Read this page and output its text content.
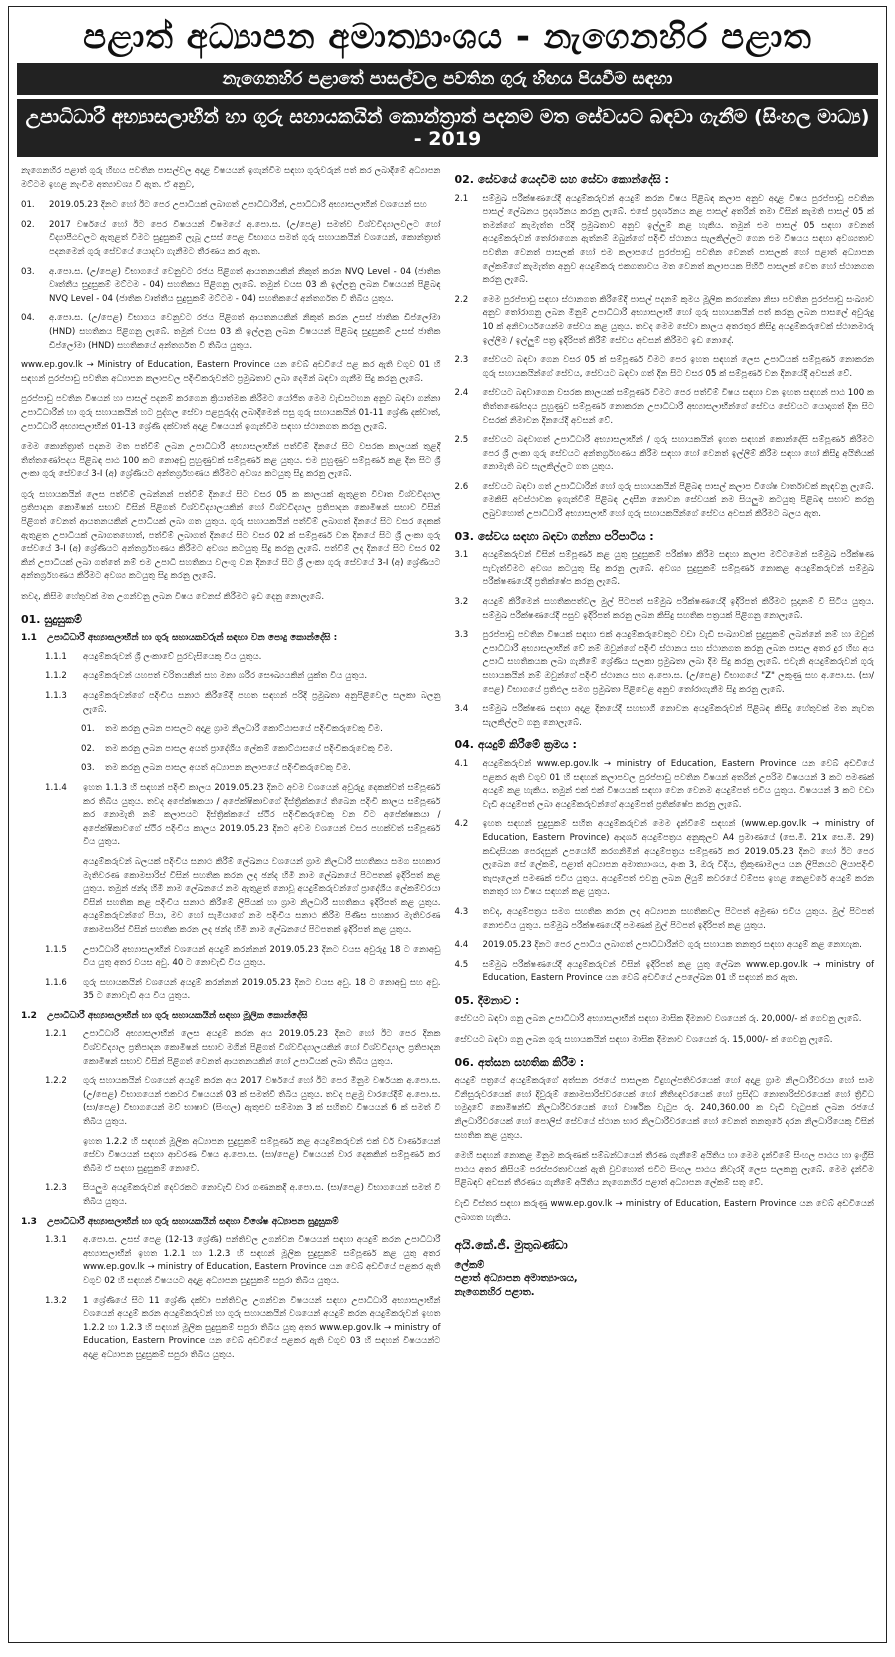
පළාත් අධ්‍යාපන අමාත්‍යාංශය - නැගෙනහිර පළාත
නැගෙනහිර පළාතේ පාසල්වල පවතින ගුරු හිඟය පියවීම සඳහා
උපාධිධාරී අභ්‍යාසලාභීන් හා ගුරු සහායකයින් කොන්ත්‍රාත් පදනම මත සේවයට බඳවා ගැනීම (සිංහල මාධ්‍ය) - 2019

නැගෙනහිර පළාත් ගුරු හිඟය පවතින පාසල්වල අදාළ විෂයයන් ඉගැන්වීම සඳහා ගුරුවරුන් පත් කර ලබාදීමේ අධ්‍යාපන මට්ටම ඉහළ නැංවීම අත්‍යාවශ්‍ය වී ඇත. ඒ අනුව,

01.	2019.05.23 දිනට හෝ ඊට පෙර උපාධියක් ලබාගත් උපාධිධාරීන්, උපාධිධාරී අභ්‍යාසලාභීන් වශයෙන් සහ
02.	2017 වර්ෂයේ හෝ ඊට පෙර විෂයයන් විෂමයේ අ.පො.ස. (උ/පෙළ) සමත්ව විශ්වවිද්‍යාලවලට හෝ විද්‍යාපීඨවලට ඇතුළත් වීමට සුදුසුකම් ලැබූ උසස් පෙළ විභාගය සමත් ගුරු සහායකයින් වශයෙන්, කොන්ත්‍රාත් පදනමෙන් ගුරු සේවයේ යොදවා ගැනීමට තීරණය කර ඇත.
03.	අ.පො.ස. (උ/පෙළ) විභාගයේ වෙනුවට රජය පිළිගත් ආයතනයකින් නිකුත් කරන NVQ Level - 04 (ජාතික වෘත්තීය සුදුසුකම් මට්ටම - 04) සහතිකය පිළිගනු ලැබේ. තමුන් වයස 03 කි ඉල්ලනු ලබන විෂයයන් පිළිබඳ NVQ Level - 04 (ජාතික වෘත්තීය සුදුසුකම් මට්ටම - 04) සහතිකයේ අන්තර්ගත වී තිබිය යුතුය.
04.	අ.පො.ස. (උ/පෙළ) විභාගය වෙනුවට රජය පිළිගත් ආයතනයකින් නිකුත් කරන උසස් ජාතික ඩිප්ලෝමා (HND) සහතිකය පිළිගනු ලැබේ. තමුන් වයස 03 කි ඉල්ලනු ලබන විෂයයන් පිළිබඳ සුදුසුකම් උසස් ජාතික ඩිප්ලෝමා (HND) සහතිකයේ අන්තර්ගත වී තිබිය යුතුය.

www.ep.gov.lk → Ministry of Education, Eastern Province යන වෙබ් අඩවියේ පළ කර ඇති වගුව 01 හි සඳහන් පුරප්පාඩු පවතින අධ්‍යාපන කලාපවල පදිංචිකරුවන්ට ප්‍රමුඛතාව ලබා දෙමින් බඳවා ගැනීම සිදු කරනු ලැබේ.

පුරප්පාඩු පවතින විෂයන් හා පාසල් පදනම් කරගෙන ක්‍රියාත්මක කිරීමට යෝජිත මෙම වැඩසටහන අනුව බඳවා ගන්නා උපාධිධාරීන් හා ගුරු සහායකයින් හට පුද්ගල සේවා පළපුරුද්ද ලබාදීමෙන් පසු ගුරු සහායකයින් 01-11 ශ්‍රේණි දක්වාත්, උපාධිධාරී අභ්‍යාසලාභීන් 01-13 ශ්‍රේණි දක්වාත් අදාළ විෂයයන් ඉගැන්වීම සඳහා ස්ථානගත කරනු ලැබේ.

මෙම කොන්ත්‍රාත් පදනම මත පත්වීම් ලබන උපාධිධාරී අභ්‍යාසලාභීන් පත්වීම් දිනයේ සිට වසරක කාලයක් තුළදී තිත්තණෝපදය පිළිබඳ පාඨ 100 කට නොඅඩු පුහුණුවක් සම්පූර්ණ කළ යුතුය. එම පුහුණුව සම්පූර්ණ කළ දින සිට ශ්‍රී ලංකා ගුරු සේවයේ 3-I (අ) ශ්‍රේණියට අන්තර්ග්‍රහණය කිරීමට අවශ්‍ය කටයුතු සිදු කරනු ලැබේ.

ගුරු සහායකයින් ලෙස පත්වීම් ලබන්නන් පත්වීම් දිනයේ සිට වසර 05 ක කාලයක් ඇතුළත විවෘත විශ්වවිද්‍යාල ප්‍රතිපාදන කොමිෂන් සභාව විසින් පිළිගත් විශ්වවිද්‍යාලයකින් හෝ විශ්වවිද්‍යාල ප්‍රතිපාදන කොමිෂන් සභාව විසින් පිළිගත් වෙනත් ආයතනයකින් උපාධියක් ලබා ගත යුතුය. ගුරු සහායකයින් පත්වීම් ලබාගත් දිනයේ සිට වසර දෙකක් ඇතුළත උපාධියක් ලබාගතහොත්, පත්වීම් ලබාගත් දිනයේ සිට වසර 02 ක් සම්පූර්ණ වන දිනයේ සිට ශ්‍රී ලංකා ගුරු සේවයේ 3-I (අ) ශ්‍රේණියට අන්තර්ග්‍රහණය කිරීමට අවශ්‍ය කටයුතු සිදු කරනු ලැබේ. පත්වීම් ලද දිනයේ සිට වසර 02 කින් උපාධියක් ලබා ගත්තේ නම් එම උපාධි සහතිකය වලංගු වන දිනයේ සිට ශ්‍රී ලංකා ගුරු සේවයේ 3-I (අ) ශ්‍රේණියට අන්තර්ග්‍රහණය කිරීමට අවශ්‍ය කටයුතු සිදු කරනු ලැබේ.

තවද, කිසිම හේතුවක් මත උගන්වනු ලබන විෂය වෙනස් කිරීමට ඉඩ දෙනු නොලැබේ.

01. සුදුසුකම්
1.1	උපාධිධාරී අභ්‍යාසලාභීන් හා ගුරු සහායකවරුන් සඳහා වන පොදු කොන්දේසි :
1.1.1	අයදුම්කරුවන් ශ්‍රී ලංකාවේ පුරවැසියෙකු විය යුතුය.
1.1.2	අයදුම්කරුවන් යහපත් චරිතයකින් සහ මනා ශරීර සෞඛ්‍යයකින් යුක්ත විය යුතුය.
1.1.3	අයදුම්කරුවන්ගේ පදිංචිය සනාථ කිරීමේදී පහත සඳහන් පරිදි ප්‍රමුඛතා අනුපිළිවෙල සලකා බලනු ලැබේ.
01.	තම කරනු ලබන පාසලට අදාළ ග්‍රාම නිලධාරී කොට්ඨාසයේ පදිංචිකරුවෙකු වීම.
02.	තම කරනු ලබන පාසල අයත් ප්‍රාදේශීය ලේකම් කොට්ඨාසයේ පදිංචිකරුවෙකු වීම.
03.	තම කරනු ලබන පාසල අයත් අධ්‍යාපන කලාපයේ පදිංචිකරුවෙකු වීම.
1.1.4	ඉහත 1.1.3 හි සඳහන් පදිංචි කාලය 2019.05.23 දිනට අවම වශයෙන් අවුරුදු දෙකක්වත් සම්පූර්ණ කර තිබිය යුතුය. තවද අපේක්ෂකයා / අපේක්ෂිකාවගේ දිස්ත්‍රික්කයේ තිබෙන පදිංචි කාලය සම්පූර්ණ කර නොමැති නම් කලාපයට දිස්ත්‍රික්කයේ ස්ථිර පදිංචිකරුවෙකු වන විට අපේක්ෂකයා / අපේක්ෂිකාවගේ ස්ථිර පදිංචිය කාලය 2019.05.23 දිනට අවම වශයෙන් වසර පහක්වත් සම්පූර්ණ විය යුතුය.
අයදුම්කරුවන් බලයක් පදිංචිය සනාථ කිරීම් ලේඛනය වශයෙන් ග්‍රාම නිලධාරී සහතිකය සමග සහකාර මැතිවරණ කොමසාරිස් විසින් සහතික කරන ලද ඡන්ද හිමි නාම ලේඛනයේ පිටපතක් ඉදිරිපත් කළ යුතුය. තමුන් ඡන්ද හිමි නාම ලේඛනයේ නම ඇතුළත් නොවූ අයදුම්කරුවන්ගේ ප්‍රාදේශීය ලේකම්වරයා විසින් සහතික කළ පදිංචිය සනාථ කිරීමේ ලිපියක් හා ග්‍රාම නිලධාරී සහතිකය ඉදිරිපත් කළ යුතුය. අයදුම්කරුවන්ගේ පියා, මව හෝ සැමියාගේ නම පදිංචිය සනාථ කිරීම පිණිස සහකාර මැතිවරණ කොමසාරිස් විසින් සහතික කරන ලද ඡන්ද හිමි නාම ලේඛනයේ පිටපතක් ඉදිරිපත් කළ යුතුය.
1.1.5	උපාධිධාරී අභ්‍යාසලාභීන් වශයෙන් අයදුම් කරන්නන් 2019.05.23 දිනට වයස අවුරුදු 18 ට නොඅඩු විය යුතු අතර වයස අවු. 40 ට නොවැඩි විය යුතුය.
1.1.6	ගුරු සහායකයින් වශයෙන් අයදුම් කරන්නන් 2019.05.23 දිනට වයස අවු. 18 ට නොඅඩු සහ අවු. 35 ට නොවැඩි අය විය යුතුය.
1.2	උපාධිධාරී අභ්‍යාසලාභීන් හා ගුරු සහායකයින් සඳහා මූලික කොන්දේසි
1.2.1	උපාධිධාරී අභ්‍යාසලාභීන් ලෙස අයදුම් කරන අය 2019.05.23 දිනට හෝ ඊට පෙර දිනක විශ්වවිද්‍යාල ප්‍රතිපාදන කොමිෂන් සභාව මගින් පිළිගත් විශ්වවිද්‍යාලයකින් හෝ විශ්වවිද්‍යාල ප්‍රතිපාදන කොමිෂන් සභාව විසින් පිළිගත් වෙනත් ආයතනයකින් හෝ උපාධියක් ලබා තිබිය යුතුය.
1.2.2	ගුරු සහායකයින් වශයෙන් අයදුම් කරන අය 2017 වර්ෂයේ හෝ ඊට පෙර මිනුම වර්ෂයක අ.පො.ස. (උ/පෙළ) විභාගයෙන් එකවර විෂයයන් 03 ක් සමත්වී තිබිය යුතුය. තවද පළමු වාරයේදීම් අ.පො.ස. (සා/පෙළ) විභාගයෙන් මව් භාෂාව (සිංහල) ඇතුළුව සම්මාන 3 ක් සහිතව විෂයයන් 6 ක් සමත් වී තිබිය යුතුය.
ඉහත 1.2.2 හි සඳහන් මූලික අධ්‍යාපන සුදුසුකම් සම්පූර්ණ කළ අයදුම්කරුවන් එක් වර් වාර්ණයෙන් සේවා විෂයයන් සඳහා ආවරණ විෂය අ.පො.ස. (සා/පෙළ) විෂයයන් වාර දෙකකින් සම්පූර්ණ කර තිබීම ඒ සඳහා සුදුසුකම් නොවේ.
1.2.3	සියලුම අයදුම්කරුවන් දෙවරකට නොවැඩි වාර ගණනකදී අ.පො.ස. (සා/පෙළ) විභාගයෙන් සමත් වී තිබිය යුතුය.
1.3	උපාධිධාරී අභ්‍යාසලාභීන් හා ගුරු සහායකයින් සඳහා විශේෂ අධ්‍යාපන සුදුසුකම්
1.3.1	අ.පො.ස. උසස් පෙළ (12-13 ශ්‍රේණි) පන්තිවල උගන්වන විෂයයන් සඳහා අයදුම් කරන උපාධිධාරී අභ්‍යාසලාභීන් ඉහත 1.2.1 හා 1.2.3 හි සඳහන් මූලික සුදුසුකම් සම්පූර්ණ කළ යුතු අතර www.ep.gov.lk → ministry of Education, Eastern Province යන වෙබ් අඩවියේ පළකර ඇති වගුව 02 හි සඳහන් විෂයයට අදාළ අධ්‍යාපන සුදුසුකම් සපුරා තිබිය යුතුය.
1.3.2	1 ශ්‍රේණියේ සිට 11 ශ්‍රේණි දක්වා පන්තිවල උගන්වන විෂයයන් සඳහා උපාධිධාරී අභ්‍යාසලාභීන් වශයෙන් අයදුම් කරන අයදුම්කරුවන් හා ගුරු සහායකයින් වශයෙන් අයදුම් කරන අයදුම්කරුවන් ඉහත 1.2.2 හා 1.2.3 හි සඳහන් මූලික සුදුසුකම් සපුරා තිබිය යුතු අතර www.ep.gov.lk → ministry of Education, Eastern Province යන වෙබ් අඩවියේ පළකර ඇති වගුව 03 හි සඳහන් විෂයයන්ට අදාළ අධ්‍යාපන සුදුසුකම් සපුරා තිබිය යුතුය.
02. සේවයේ යෙදවීම සහ සේවා කොන්දේසි :
2.1	සම්මුඛ පරීක්ෂණයේදී අයදුම්කරුවන් අයදුම් කරන විෂය පිළිබඳ කලාප අනුව අදාළ විෂය පුරප්පාඩු පවතින පාසල් ලේඛනය ප්‍රදර්ශනය කරනු ලැබේ. එසේ ප්‍රදර්ශනය කළ පාසල් අතරින් තමා විසින් කැමති පාසල් 05 ක් තමන්ගේ කැමැත්ත පරිදි ප්‍රමුඛතාව අනුව ඉල්ලුම් කළ හැකිය. තමුන් එම පාසල් 05 සඳහා වෙනත් අයදුම්කරුවන් තෝරාගෙන ඇත්නම් ඔබුන්ගේ පදිංචි ස්ථානය සැලකිල්ලට ගෙන එම විෂයය සඳහා අවශ්‍යතාව පවතින වෙනත් පාසලක් හෝ එම කලාපයේ පුරප්පාඩු පවතින වෙනත් පාසලක් හෝ පළාත් අධ්‍යාපන ලේකම්ගේ කැමැත්ත අනුව අයදුම්කරු එකගතාවය මත වෙනත් කලාපයක පිහිටි පාසලක් වෙත හෝ ස්ථානගත කරනු ලැබේ.
2.2	මෙම පුරප්පාඩු සඳහා ස්ථානගත කිරීමේදී පාසල් පදනම් කුමය මූලික කරගන්නා නිසා පවතින පුරප්පාඩු සංඛ්‍යාව අනුව තෝරාගනු ලබන මිනුම් උපාධිධාරී අභ්‍යාසලාභී හෝ ගුරු සහායකයින් පත් කරනු ලබන පාසලේ අවුරුදු 10 ක් අනිවාර්යයෙන්ම සේවය කළ යුතුය. තවද මෙම සේවා කාලය අතරතුර කිසිදු අයදුම්කරුවෙක් ස්ථානමාරු ඉල්ලීම / ඉල්ලුම් පත්‍ර ඉදිරිපත් කිරීම් සේවය අවසන් කිරීමට ඉඩ නොදේ.
2.3	සේවයට බඳවා ගෙන වසර 05 ක් සම්පූර්ණ වීමට පෙර ඉහත සඳහන් ලෙස උපාධියක් සම්පූර්ණ නොකරන ගුරු සහායකයින්ගේ සේවය, සේවයට බඳවා ගත් දින සිට වසර 05 ක් සම්පූර්ණ වන දිනයේදී අවසන් වේ.
2.4	සේවයට බඳවාගෙන වසරක කාලයක් සම්පූර්ණ වීමට පෙර පත්වීම් විෂය සඳහා වන ඉහත සඳහන් පාඨ 100 ක තිත්තණෝපදය පුහුණුව සම්පූර්ණ නොකරන උපාධිධාරී අභ්‍යාසලාභීන්ගේ සේවය සේවයට යොදාගත් දින සිට වසරක් නිමාවන දිනයේදී අවසන් වේ.
2.5	සේවයට බඳවාගත් උපාධිධාරී අභ්‍යාසලාභීන් / ගුරු සහායකයින් ඉහත සඳහන් කොන්දේසි සම්පූර්ණ කිරීමට පෙර ශ්‍රී ලංකා ගුරු සේවයට අන්තර්ග්‍රහණය කිරීම සඳහා හෝ වෙනත් ඉල්ලීම් කිරීම සඳහා හෝ කිසිදු අයිතියක් නොමැති බව සැලකිල්ලට ගත යුතුය.
2.6	සේවයට බඳවා ගත් උපාධිධාරීන් හෝ ගුරු සහායකයින් පිළිබඳ පාසල් කලාප විශේෂ වාර්තාවක් කැඳවනු ලැබේ. මෙකිසි අවස්ථාවක ඉගැන්වීම් පිළිබඳ උදාසීන නොවන සේවයක් නම සියලුම කටයුතු පිළිබඳ සභාව කරනු ලබුවහොත් උපාධිධාරී අභ්‍යාසලාභී හෝ ගුරු සහායකයින්ගේ සේවය අවසන් කිරීමට බලය ඇත.
03. සේවය සඳහා බඳවා ගන්නා පරිපාටිය :
3.1	අයදුම්කරුවන් විසින් සම්පූර්ණ කළ යුතු සුදුසුකම් පරීක්ෂා කිරීම සඳහා කලාප මට්ටමෙන් සම්මුඛ පරීක්ෂණ පැවැත්වීමට අවශ්‍ය කටයුතු සිදු කරනු ලැබේ. අවශ්‍ය සුදුසුකම් සම්පූර්ණ නොකළ අයදුම්කරුවන් සම්මුඛ පරීක්ෂණයේදී ප්‍රතික්ෂේප කරනු ලැබේ.
3.2	අයදුම් කිරීමෙන් සහතිකපත්වල මුල් පිටපත් සම්මුඛ පරීක්ෂණයේදී ඉදිරිපත් කිරීමට සූදානම් වී සිටිය යුතුය. සම්මුඛ පරීක්ෂණයේදී පසුව ඉදිරිපත් කරනු ලබන කිසිදු සහතික පත්‍රයක් පිළිගනු නොලැබේ.
3.3	පුරප්පාඩු පවතින විෂයක් සඳහා එක් අයදුම්කරුවෙකුට වඩා වැඩි සංඛ්‍යාවක් සුදුසුකම් ලබන්නේ නම් හා ඔවුන් උපාධිධාරී අභ්‍යාසලාභීන් වේ නම් ඔවුන්ගේ පදිංචි ස්ථානය සහ ස්ථානගත කරනු ලබන පාසල අතර දුර හිඟ අය උපාධි සහතිකයක ලබා ගැනීමේ ශ්‍රේණිය සලකා ප්‍රමුඛතා ලබා දීම සිදු කරනු ලැබේ. එවැනි අයදුම්කරුවන් ගුරු සහායකයින් නම් ඔවුන්ගේ පදිංචි ස්ථානය සහ අ.පො.ස. (උ/පෙළ) විභාගයේ "Z" ලකුණු සහ අ.පො.ස. (සා/පෙළ) විභාගයේ ප්‍රතිඵල සමග ප්‍රමුඛතා පිළිවෙළ අනුව තෝරාගැනීම සිදු කරනු ලැබේ.
3.4	සම්මුඛ පරීක්ෂණ සඳහා අදාළ දිනයේදී සහභාගී නොවන අයදුම්කරුවන් පිළිබඳ කිසිදු හේතුවක් මත නැවත සැලකිල්ලට ගනු නොලැබේ.
04. අයදුම් කිරීමේ ක්‍රමය :
4.1	අයදුම්කරුවන් www.ep.gov.lk → ministry of Education, Eastern Province යන වෙබ් අඩවියේ පළකර ඇති වගුව 01 හි සඳහන් කලාපවල පුරප්පාඩු පවතින විෂයන් අතරින් උපරිම විෂයයන් 3 කට පමණක් අයදුම් කළ හැකිය. තමුන් එක් එක් විෂයයක් සඳහා වෙන වෙනම අයදුම්පත් එවිය යුතුය. විෂයයන් 3 කට වඩා වැඩි අයදුම්පත් ලබා අයදුම්කරුවන්ගේ අයදුම්පත් ප්‍රතික්ෂේප කරනු ලැබේ.
4.2	ඉහත සඳහන් සුදුසුකම් සහිත අයදුම්කරුවන් මෙම දැන්වීමේ සඳහන් (www.ep.gov.lk → ministry of Education, Eastern Province) ආදර්ශ අයදුම්පත්‍රය අනුකූලව A4 ප්‍රමාණයේ (සෙ.මී. 21x සෙ.මී. 29) කඩදාසියක පෙරදසුන් උපයෝගී කරගනිමින් අයදුම්පත්‍රය සම්පූර්ණ කර 2019.05.23 දිනට හෝ ඊට පෙර ලැබෙන සේ ලේකම්, පළාත් අධ්‍යාපන අමාත්‍යාංශය, අංක 3, ඔරු වීදිය, ත්‍රිකුණාමලය යන ලිපිනයට ලියාපදිංචි තැපෑලෙන් පමණක් එවිය යුතුය. අයදුම්පත් එවනු ලබන ලියුම් කවරයේ වම්පස ඉහළ කෙළවරේ අයදුම් කරන තනතුර හා විෂය සඳහන් කළ යුතුය.
4.3	තවද, අයදුම්පත්‍රය සමග සහතික කරන ලද අධ්‍යාපන සහතිකවල පිටපත් අමුණා එවිය යුතුය. මුල් පිටපත් නොඑවිය යුතුය. සම්මුඛ පරීක්ෂණයේදී පමණක් මුල් පිටපත් ඉදිරිපත් කළ යුතුය.
4.4	2019.05.23 දිනට පෙර උපාධිය ලබාගත් උපාධිධාරීන්ට ගුරු සහායක තනතුර සඳහා අයදුම් කළ නොහැක.
4.5	සම්මුඛ පරීක්ෂණයේදී අයදුම්කරුවන් විසින් ඉදිරිපත් කළ යුතු ලේඛන www.ep.gov.lk → ministry of Education, Eastern Province යන වෙබ් අඩවියේ උපලේඛන 01 හි සඳහන් කර ඇත.
05. දීමනාව :

සේවයට බඳවා ගනු ලබන උපාධිධාරී අභ්‍යාසලාභීන් සඳහා මාසික දීමනාව වශයෙන් රු. 20,000/- ක් ගෙවනු ලැබේ.

සේවයට බඳවා ගනු ලබන ගුරු සහායකයින් සඳහා මාසික දීමනාව වශයෙන් රු. 15,000/- ක් ගෙවනු ලැබේ.

06. අත්සන සහතික කිරීම :

අයදුම් පත්‍රයේ අයදුම්කරුගේ අත්සන රජයේ පාසලක විදුහල්පතිවරයෙක් හෝ අදාළ ග්‍රාම නිලධාරීවරයා හෝ සාම විනිසුරුවරයෙක් හෝ දිවුරුම් කොමසාරිස්වරයෙක් හෝ නීතිඥවරයෙක් හෝ ප්‍රසිද්ධ නොතාරිස්වරයෙක් හෝ ත්‍රිවිධ හමුදාවේ කොමිෂන්ඩ් නිලධාරීවරයෙක් හෝ වාර්ෂික වැටුප රු. 240,360.00 ක වැඩි වැටුපක් ලබන රජයේ නිලධාරීවරයෙක් හෝ පොලිස් සේවයේ ස්ථාන භාර නිලධාරීවරයෙක් හෝ වෙනත් තනතුරේ දරන නිලධාරියෙකු විසින් සහතික කළ යුතුය.

මෙහි සඳහන් නොකළ මිනුම කරුණක් සම්බන්ධයෙන් තීරණ ගැනීමේ අයිතිය හා මෙම දැන්වීමේ සිංහල පාඨය හා ඉංග්‍රීසි පාඨය අතර කිසියම් පරස්පරතාවයක් ඇති වුවහොත් එවිට සිංහල පාඨය නිවැරදි ලෙස සලකනු ලැබේ. මෙම දැන්වීම පිළිබඳව අවසන් තීරණය ගැනීමේ අයිතිය නැගෙනහිර පළාත් අධ්‍යාපන ලේකම් සතු වේ.

වැඩි විස්තර සඳහා කරුණු www.ep.gov.lk → ministry of Education, Eastern Province යන වෙබ් අඩවියෙන් ලබාගත හැකිය.

අයි.කේ.ජී. මුතුබණ්ඩා
ලේකම්
පළාත් අධ්‍යාපන අමාත්‍යාංශය,
නැගෙනහිර පළාත.
